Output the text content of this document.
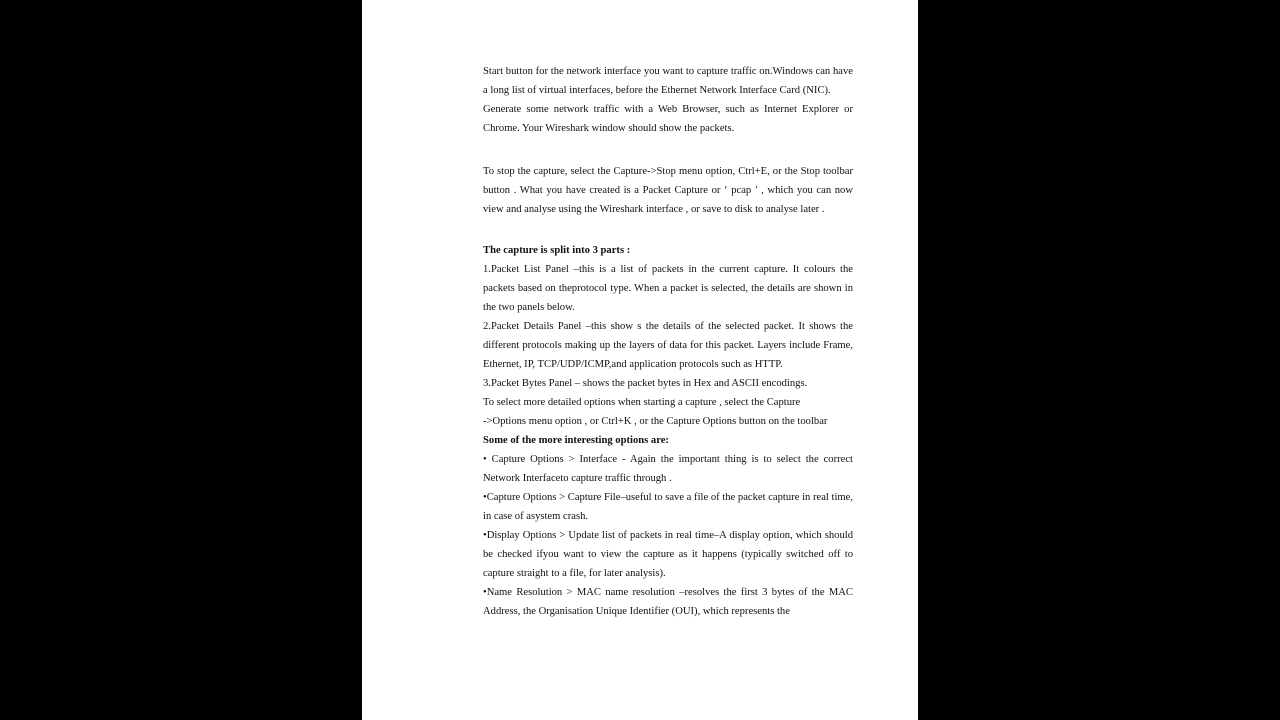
Start button for the network interface you want to capture traffic on.Windows can have a long list of virtual interfaces, before the Ethernet Network Interface Card (NIC).

Generate some network traffic with a Web Browser, such as Internet Explorer or Chrome. Your Wireshark window should show the packets.

To stop the capture, select the Capture->Stop menu option, Ctrl+E, or the Stop toolbar button . What you have created is a Packet Capture or ‘ pcap ’ , which you can now view and analyse using the Wireshark interface , or save to disk to analyse later .

The capture is split into 3 parts :

1.Packet List Panel –this is a list of packets in the current capture. It colours the packets based on theprotocol type. When a packet is selected, the details are shown in the two panels below.

2.Packet Details Panel –this show s the details of the selected packet. It shows the different protocols making up the layers of data for this packet. Layers include Frame, Ethernet, IP, TCP/UDP/ICMP,and application protocols such as HTTP.

3.Packet Bytes Panel – shows the packet bytes in Hex and ASCII encodings.

To select more detailed options when starting a capture , select the Capture

->Options menu option , or Ctrl+K , or the Capture Options button on the toolbar

Some of the more interesting options are:

• Capture Options > Interface - Again the important thing is to select the correct Network Interfaceto capture traffic through .

•Capture Options > Capture File–useful to save a file of the packet capture in real time, in case of asystem crash.

•Display Options > Update list of packets in real time–A display option, which should be checked ifyou want to view the capture as it happens (typically switched off to capture straight to a file, for later analysis).

•Name Resolution > MAC name resolution –resolves the first 3 bytes of the MAC Address, the Organisation Unique Identifier (OUI), which represents the
